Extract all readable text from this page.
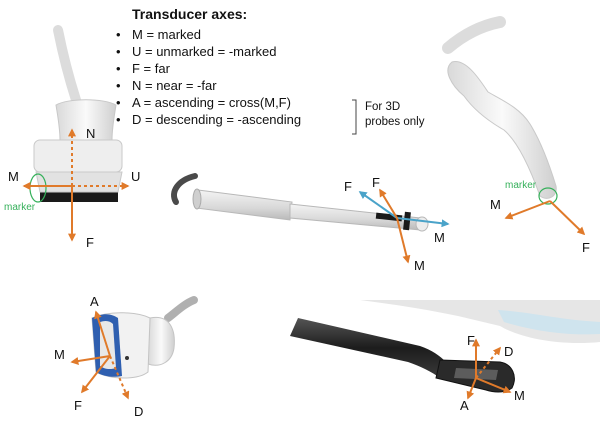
N
M	U
F
marker
F F
M
M
marker
M
F
A
M
F	D
F
D
A
M
Transducer axes:
• M = marked
• U = unmarked = -marked
• F = far
• N = near = -far
• A = ascending = cross(M,F)
• D = descending = -ascending
For 3D
probes only
